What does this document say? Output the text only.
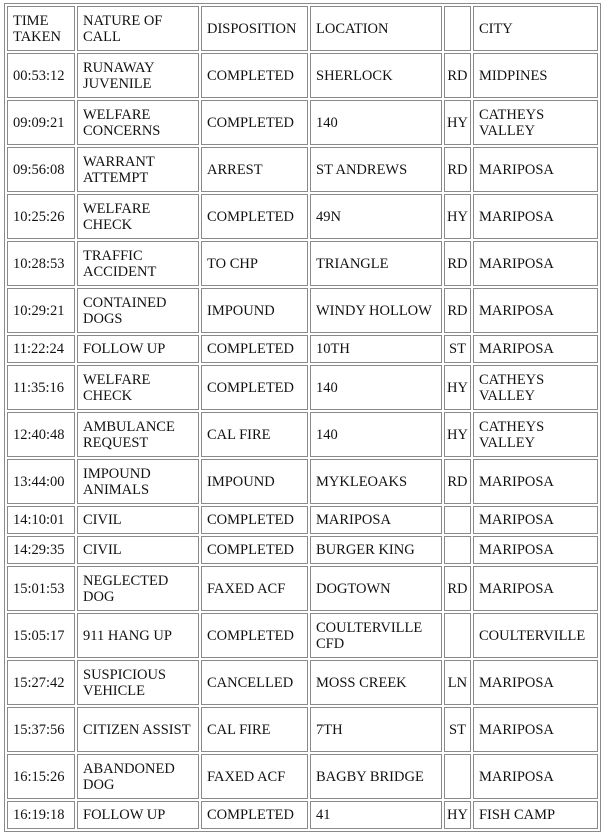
TIME TAKEN	NATURE OF CALL	DISPOSITION	LOCATION		CITY
00:53:12	RUNAWAY JUVENILE	COMPLETED	SHERLOCK	RD	MIDPINES
09:09:21	WELFARE CONCERNS	COMPLETED	140	HY	CATHEYS VALLEY
09:56:08	WARRANT ATTEMPT	ARREST	ST ANDREWS	RD	MARIPOSA
10:25:26	WELFARE CHECK	COMPLETED	49N	HY	MARIPOSA
10:28:53	TRAFFIC ACCIDENT	TO CHP	TRIANGLE	RD	MARIPOSA
10:29:21	CONTAINED DOGS	IMPOUND	WINDY HOLLOW	RD	MARIPOSA
11:22:24	FOLLOW UP	COMPLETED	10TH	ST	MARIPOSA
11:35:16	WELFARE CHECK	COMPLETED	140	HY	CATHEYS VALLEY
12:40:48	AMBULANCE REQUEST	CAL FIRE	140	HY	CATHEYS VALLEY
13:44:00	IMPOUND ANIMALS	IMPOUND	MYKLEOAKS	RD	MARIPOSA
14:10:01	CIVIL	COMPLETED	MARIPOSA		MARIPOSA
14:29:35	CIVIL	COMPLETED	BURGER KING		MARIPOSA
15:01:53	NEGLECTED DOG	FAXED ACF	DOGTOWN	RD	MARIPOSA
15:05:17	911 HANG UP	COMPLETED	COULTERVILLE CFD		COULTERVILLE
15:27:42	SUSPICIOUS VEHICLE	CANCELLED	MOSS CREEK	LN	MARIPOSA
15:37:56	CITIZEN ASSIST	CAL FIRE	7TH	ST	MARIPOSA
16:15:26	ABANDONED DOG	FAXED ACF	BAGBY BRIDGE		MARIPOSA
16:19:18	FOLLOW UP	COMPLETED	41	HY	FISH CAMP
